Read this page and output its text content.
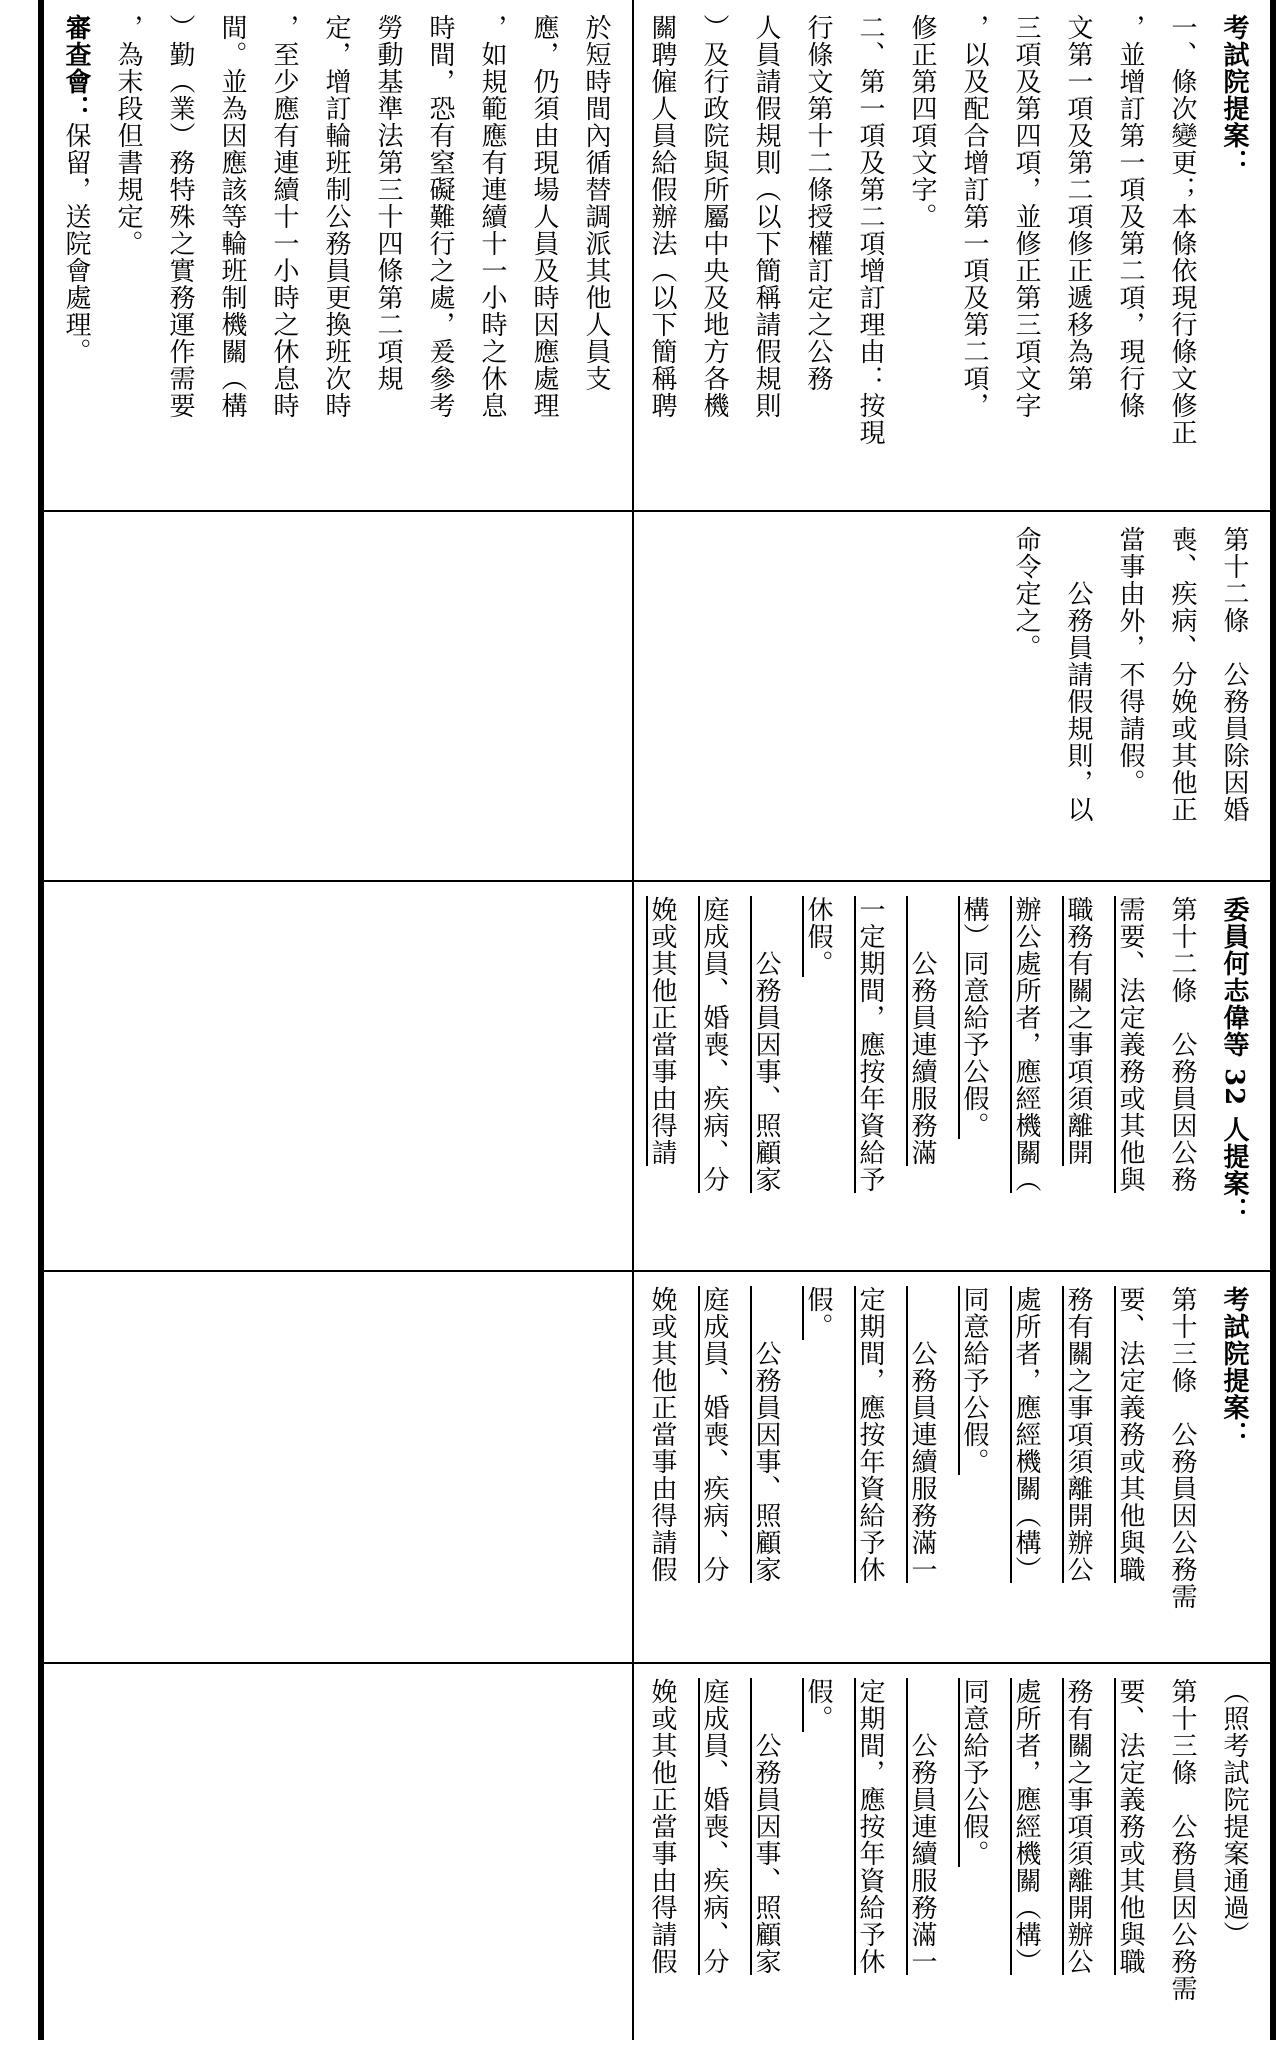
於短時間內循替調派其他人員支

應，仍須由現場人員及時因應處理

，如規範應有連續十一小時之休息

時間，恐有窒礙難行之處，爰參考

勞動基準法第三十四條第二項規

定，增訂輪班制公務員更換班次時

，至少應有連續十一小時之休息時

間。並為因應該等輪班制機關（構

）勤（業）務特殊之實務運作需要

，為末段但書規定。

審查會：保留，送院會處理。

考試院提案：

一、條次變更；本條依現行條文修正

，並增訂第一項及第二項，現行條

文第一項及第二項修正遞移為第

三項及第四項，並修正第三項文字

，以及配合增訂第一項及第二項，

修正第四項文字。

二、第一項及第二項增訂理由：按現

行條文第十二條授權訂定之公務

人員請假規則（以下簡稱請假規則

）及行政院與所屬中央及地方各機

關聘僱人員給假辦法（以下簡稱聘

第十二條　公務員除因婚

喪、疾病、分娩或其他正

當事由外，不得請假。

　　公務員請假規則，以

命令定之。

委員何志偉等 32 人提案：

第十二條　公務員因公務

需要、法定義務或其他與

職務有關之事項須離開

辦公處所者，應經機關（

構）同意給予公假。

　　公務員連續服務滿

一定期間，應按年資給予

休假。

　　公務員因事、照顧家

庭成員、婚喪、疾病、分

娩或其他正當事由得請

考試院提案：

第十三條　公務員因公務需

要、法定義務或其他與職

務有關之事項須離開辦公

處所者，應經機關（構）

同意給予公假。

　　公務員連續服務滿一

定期間，應按年資給予休

假。

　　公務員因事、照顧家

庭成員、婚喪、疾病、分

娩或其他正當事由得請假

（照考試院提案通過）

第十三條　公務員因公務需

要、法定義務或其他與職

務有關之事項須離開辦公

處所者，應經機關（構）

同意給予公假。

　　公務員連續服務滿一

定期間，應按年資給予休

假。

　　公務員因事、照顧家

庭成員、婚喪、疾病、分

娩或其他正當事由得請假
